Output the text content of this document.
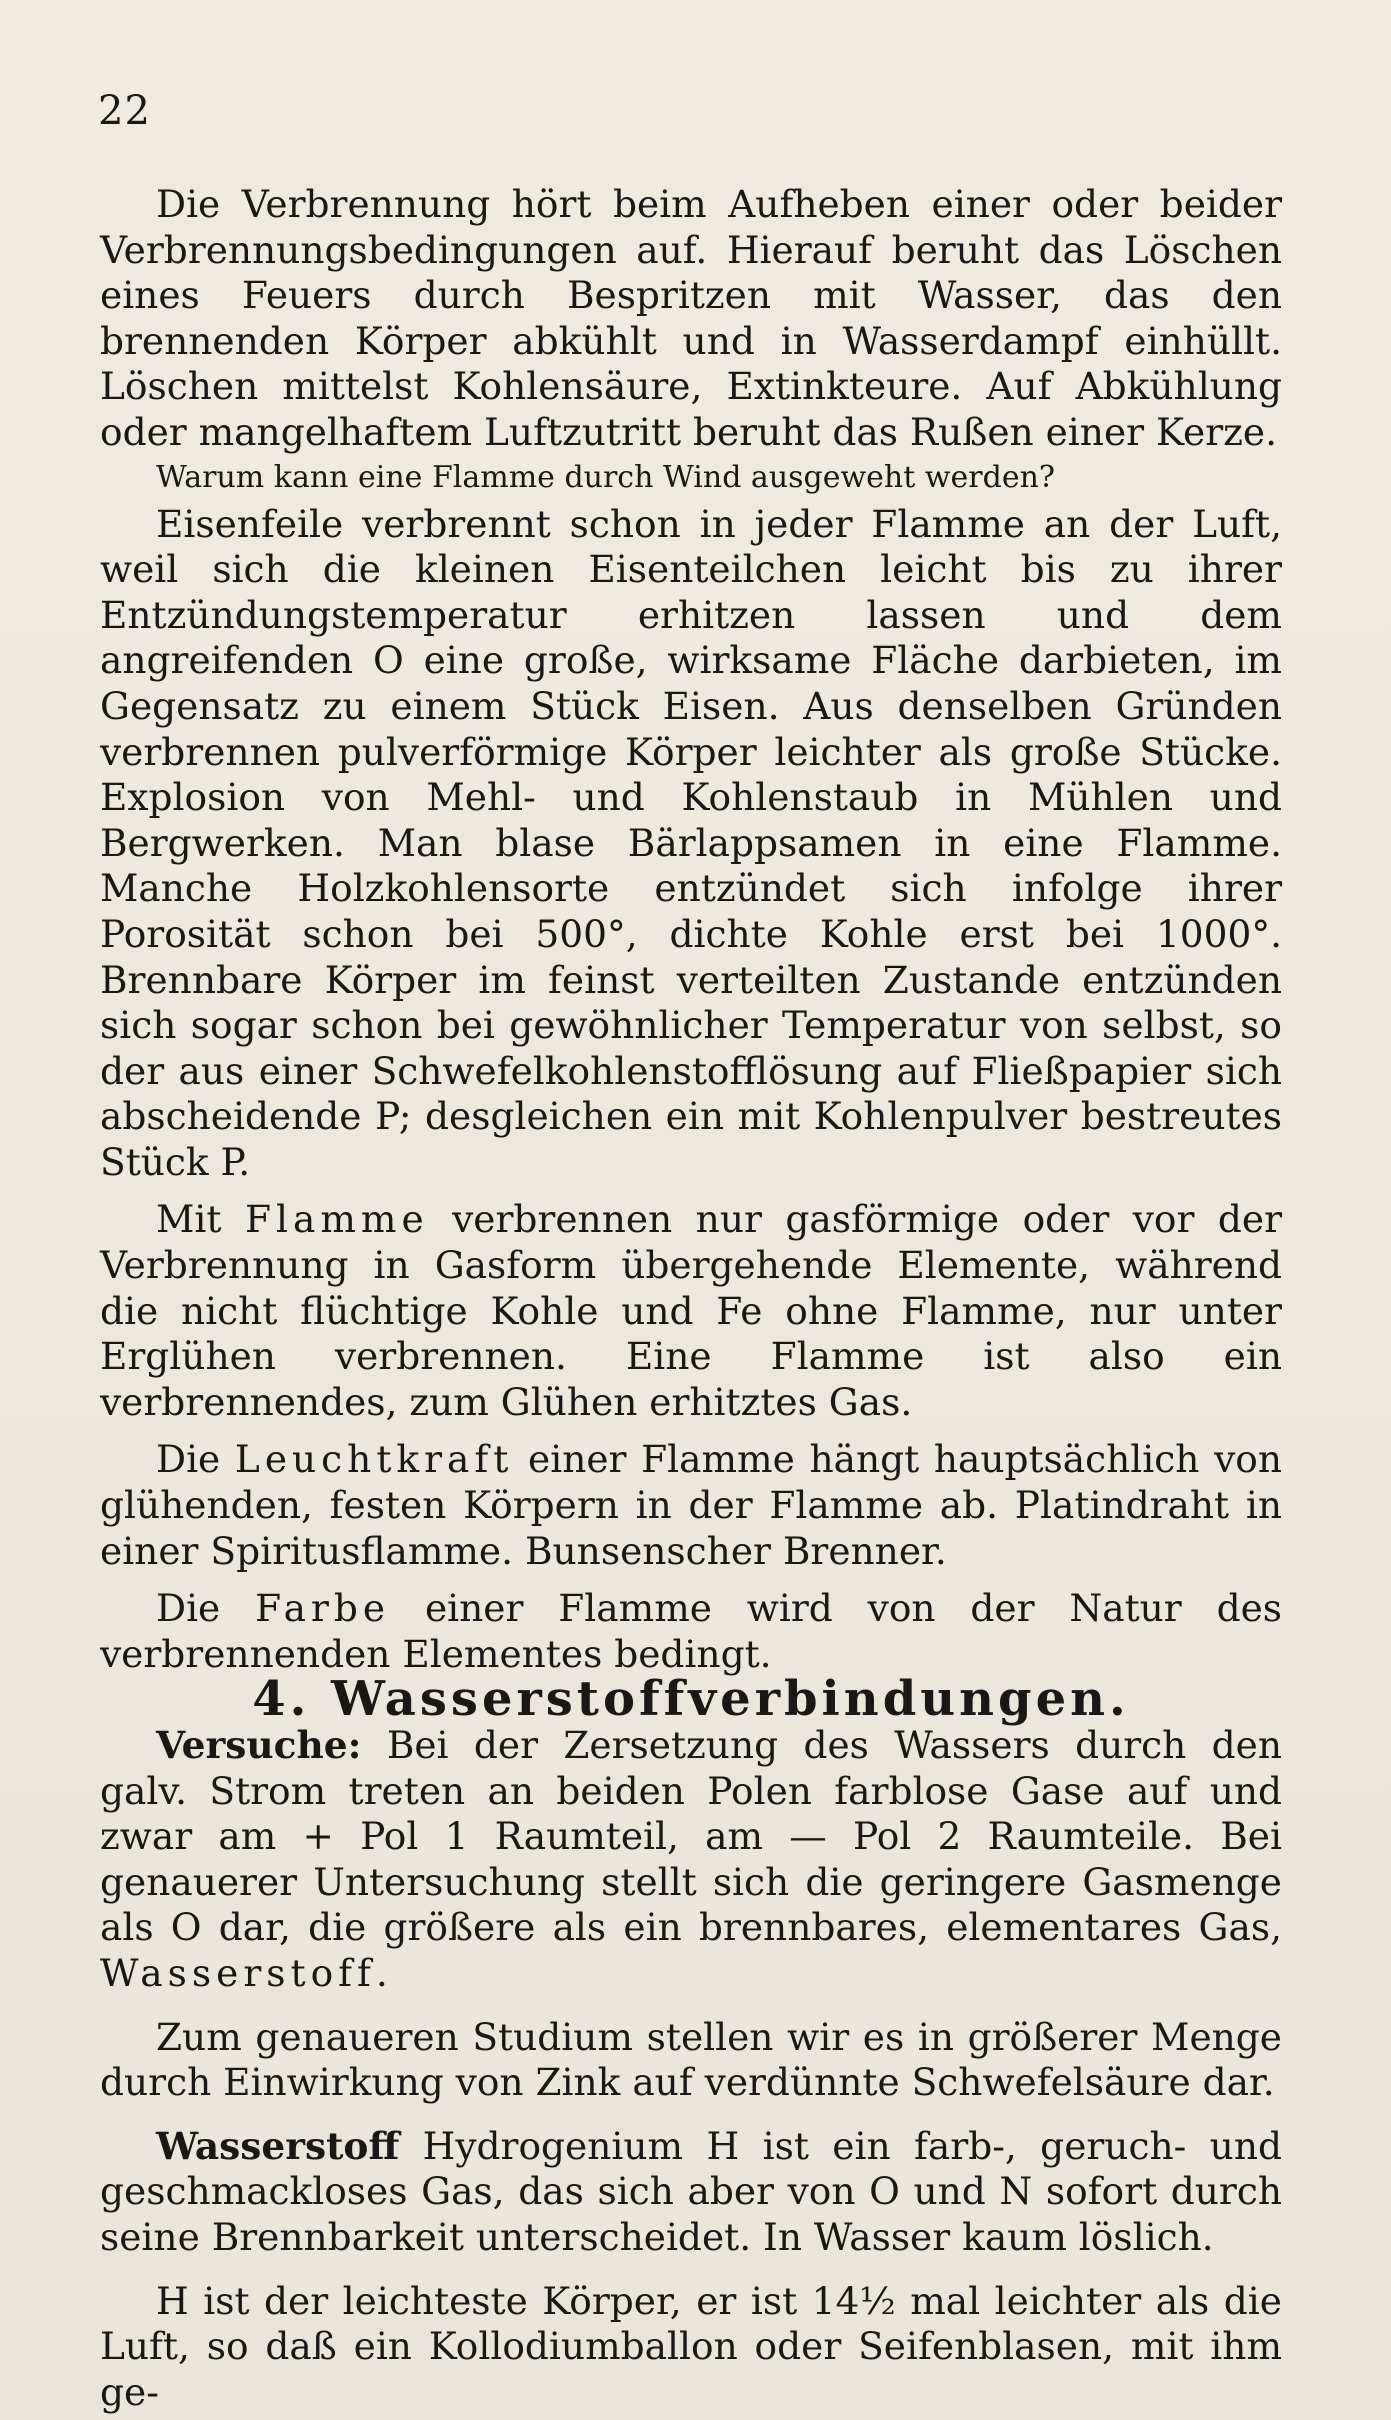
22

Die Verbrennung hört beim Aufheben einer oder beider Verbrennungsbedingungen auf. Hierauf beruht das Löschen eines Feuers durch Bespritzen mit Wasser, das den brennenden Körper abkühlt und in Wasserdampf einhüllt. Löschen mittelst Kohlensäure, Extinkteure. Auf Abkühlung oder mangelhaftem Luftzutritt beruht das Rußen einer Kerze.

Warum kann eine Flamme durch Wind ausgeweht werden?

Eisenfeile verbrennt schon in jeder Flamme an der Luft, weil sich die kleinen Eisenteilchen leicht bis zu ihrer Entzündungstemperatur erhitzen lassen und dem angreifenden O eine große, wirksame Fläche darbieten, im Gegensatz zu einem Stück Eisen. Aus denselben Gründen verbrennen pulverförmige Körper leichter als große Stücke. Explosion von Mehl- und Kohlenstaub in Mühlen und Bergwerken. Man blase Bärlappsamen in eine Flamme. Manche Holzkohlensorte entzündet sich infolge ihrer Porosität schon bei 500°, dichte Kohle erst bei 1000°. Brennbare Körper im feinst verteilten Zustande entzünden sich sogar schon bei gewöhnlicher Temperatur von selbst, so der aus einer Schwefelkohlenstofflösung auf Fließpapier sich abscheidende P; desgleichen ein mit Kohlenpulver bestreutes Stück P.

Mit Flamme verbrennen nur gasförmige oder vor der Verbrennung in Gasform übergehende Elemente, während die nicht flüchtige Kohle und Fe ohne Flamme, nur unter Erglühen verbrennen. Eine Flamme ist also ein verbrennendes, zum Glühen erhitztes Gas.

Die Leuchtkraft einer Flamme hängt hauptsächlich von glühenden, festen Körpern in der Flamme ab. Platindraht in einer Spiritusflamme. Bunsenscher Brenner.

Die Farbe einer Flamme wird von der Natur des verbrennenden Elementes bedingt.

4. Wasserstoffverbindungen.

Versuche: Bei der Zersetzung des Wassers durch den galv. Strom treten an beiden Polen farblose Gase auf und zwar am + Pol 1 Raumteil, am — Pol 2 Raumteile. Bei genauerer Untersuchung stellt sich die geringere Gasmenge als O dar, die größere als ein brennbares, elementares Gas, Wasserstoff.

Zum genaueren Studium stellen wir es in größerer Menge durch Einwirkung von Zink auf verdünnte Schwefelsäure dar.

Wasserstoff Hydrogenium H ist ein farb-, geruch- und geschmackloses Gas, das sich aber von O und N sofort durch seine Brennbarkeit unterscheidet. In Wasser kaum löslich.

H ist der leichteste Körper, er ist 14½ mal leichter als die Luft, so daß ein Kollodiumballon oder Seifenblasen, mit ihm ge-
